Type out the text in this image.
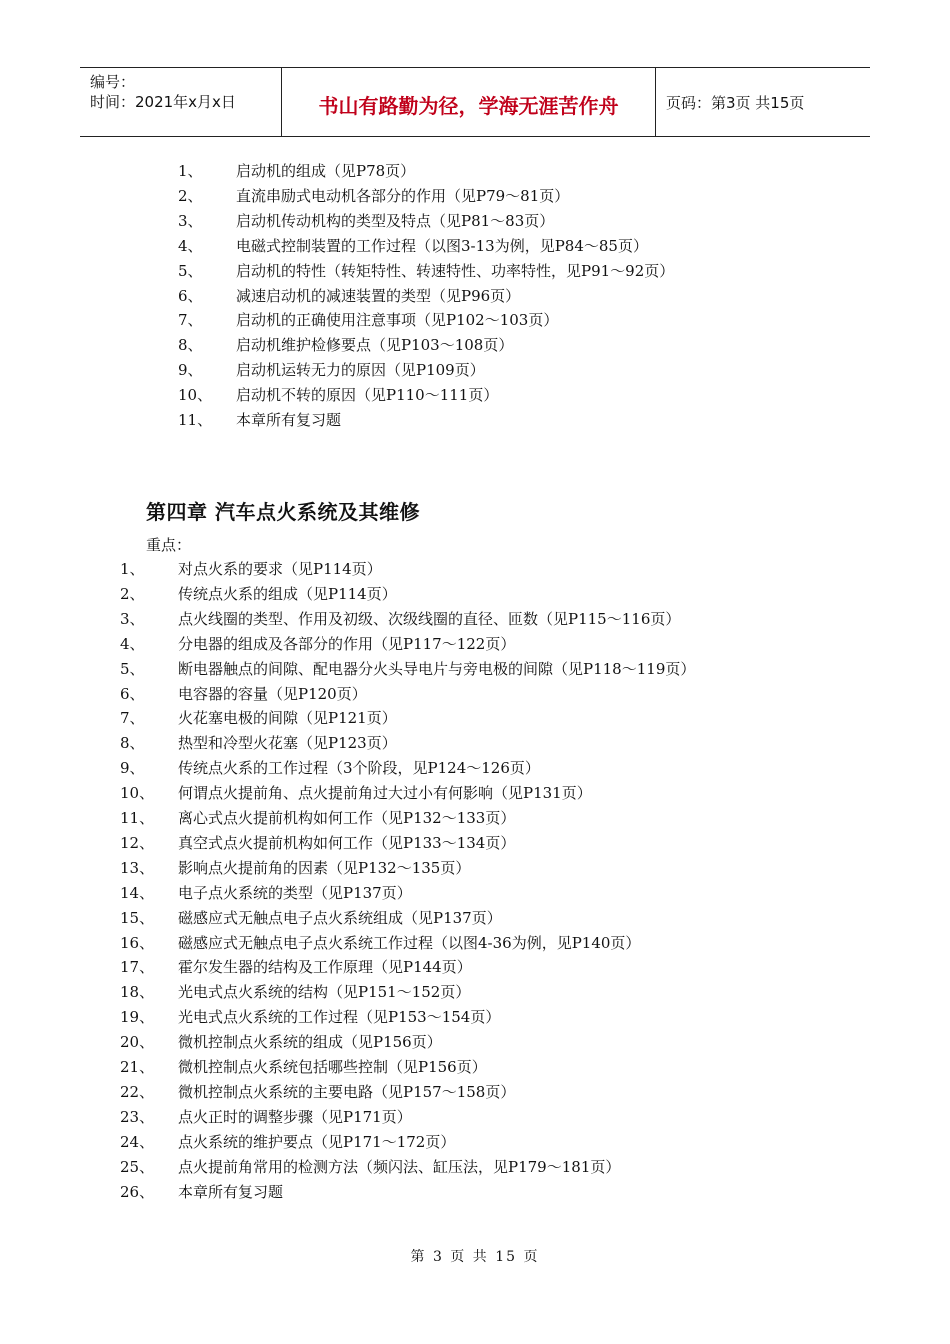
编号：
时间：2021年x月x日	书山有路勤为径，学海无涯苦作舟	页码：第3页 共15页
1、 启动机的组成（见P78页）
2、 直流串励式电动机各部分的作用（见P79～81页）
3、 启动机传动机构的类型及特点（见P81～83页）
4、 电磁式控制装置的工作过程（以图3-13为例，见P84～85页）
5、 启动机的特性（转矩特性、转速特性、功率特性，见P91～92页）
6、 减速启动机的减速装置的类型（见P96页）
7、 启动机的正确使用注意事项（见P102～103页）
8、 启动机维护检修要点（见P103～108页）
9、 启动机运转无力的原因（见P109页）
10、 启动机不转的原因（见P110～111页）
11、 本章所有复习题
第四章 汽车点火系统及其维修
重点：
1、 对点火系的要求（见P114页）
2、 传统点火系的组成（见P114页）
3、 点火线圈的类型、作用及初级、次级线圈的直径、匝数（见P115～116页）
4、 分电器的组成及各部分的作用（见P117～122页）
5、 断电器触点的间隙、配电器分火头导电片与旁电极的间隙（见P118～119页）
6、 电容器的容量（见P120页）
7、 火花塞电极的间隙（见P121页）
8、 热型和冷型火花塞（见P123页）
9、 传统点火系的工作过程（3个阶段，见P124～126页）
10、 何谓点火提前角、点火提前角过大过小有何影响（见P131页）
11、 离心式点火提前机构如何工作（见P132～133页）
12、 真空式点火提前机构如何工作（见P133～134页）
13、 影响点火提前角的因素（见P132～135页）
14、 电子点火系统的类型（见P137页）
15、 磁感应式无触点电子点火系统组成（见P137页）
16、 磁感应式无触点电子点火系统工作过程（以图4-36为例，见P140页）
17、 霍尔发生器的结构及工作原理（见P144页）
18、 光电式点火系统的结构（见P151～152页）
19、 光电式点火系统的工作过程（见P153～154页）
20、 微机控制点火系统的组成（见P156页）
21、 微机控制点火系统包括哪些控制（见P156页）
22、 微机控制点火系统的主要电路（见P157～158页）
23、 点火正时的调整步骤（见P171页）
24、 点火系统的维护要点（见P171～172页）
25、 点火提前角常用的检测方法（频闪法、缸压法，见P179～181页）
26、 本章所有复习题
第 3 页 共 15 页
